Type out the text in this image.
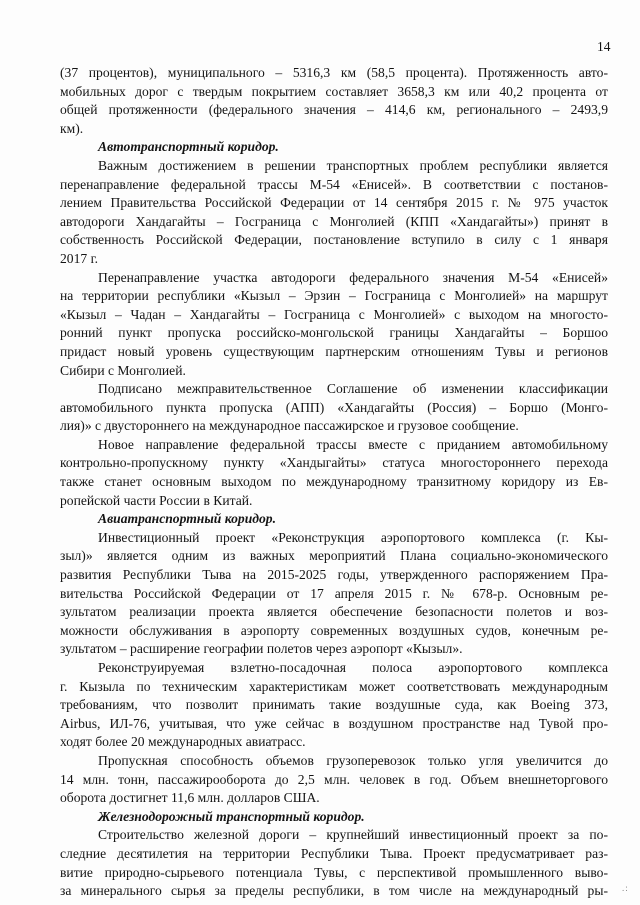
14
(37 процентов), муниципального – 5316,3 км (58,5 процента). Протяженность авто-
мобильных дорог с твердым покрытием составляет 3658,3 км или 40,2 процента от
общей протяженности (федерального значения – 414,6 км, регионального – 2493,9
км).
Автотранспортный коридор.
Важным достижением в решении транспортных проблем республики является
перенаправление федеральной трассы М-54 «Енисей». В соответствии с постанов-
лением Правительства Российской Федерации от 14 сентября 2015 г. № 975 участок
автодороги Хандагайты – Госграница с Монголией (КПП «Хандагайты») принят в
собственность Российской Федерации, постановление вступило в силу с 1 января
2017 г.
Перенаправление участка автодороги федерального значения М-54 «Енисей»
на территории республики «Кызыл – Эрзин – Госграница с Монголией» на маршрут
«Кызыл – Чадан – Хандагайты – Госграница с Монголией» с выходом на многосто-
ронний пункт пропуска российско-монгольской границы Хандагайты – Боршоо
придаст новый уровень существующим партнерским отношениям Тувы и регионов
Сибири с Монголией.
Подписано межправительственное Соглашение об изменении классификации
автомобильного пункта пропуска (АПП) «Хандагайты (Россия) – Боршо (Монго-
лия)» с двустороннего на международное пассажирское и грузовое сообщение.
Новое направление федеральной трассы вместе с приданием автомобильному
контрольно-пропускному пункту «Хандыгайты» статуса многостороннего перехода
также станет основным выходом по международному транзитному коридору из Ев-
ропейской части России в Китай.
Авиатранспортный коридор.
Инвестиционный проект «Реконструкция аэропортового комплекса (г. Кы-
зыл)» является одним из важных мероприятий Плана социально-экономического
развития Республики Тыва на 2015-2025 годы, утвержденного распоряжением Пра-
вительства Российской Федерации от 17 апреля 2015 г. № 678-р. Основным ре-
зультатом реализации проекта является обеспечение безопасности полетов и воз-
можности обслуживания в аэропорту современных воздушных судов, конечным ре-
зультатом – расширение географии полетов через аэропорт «Кызыл».
Реконструируемая взлетно-посадочная полоса аэропортового комплекса
г. Кызыла по техническим характеристикам может соответствовать международным
требованиям, что позволит принимать такие воздушные суда, как Boeing 373,
Airbus, ИЛ-76, учитывая, что уже сейчас в воздушном пространстве над Тувой про-
ходят более 20 международных авиатрасс.
Пропускная способность объемов грузоперевозок только угля увеличится до
14 млн. тонн, пассажирооборота до 2,5 млн. человек в год. Объем внешнеторгового
оборота достигнет 11,6 млн. долларов США.
Железнодорожный транспортный коридор.
Строительство железной дороги – крупнейший инвестиционный проект за по-
следние десятилетия на территории Республики Тыва. Проект предусматривает раз-
витие природно-сырьевого потенциала Тувы, с перспективой промышленного выво-
за минерального сырья за пределы республики, в том числе на международный ры- .:
